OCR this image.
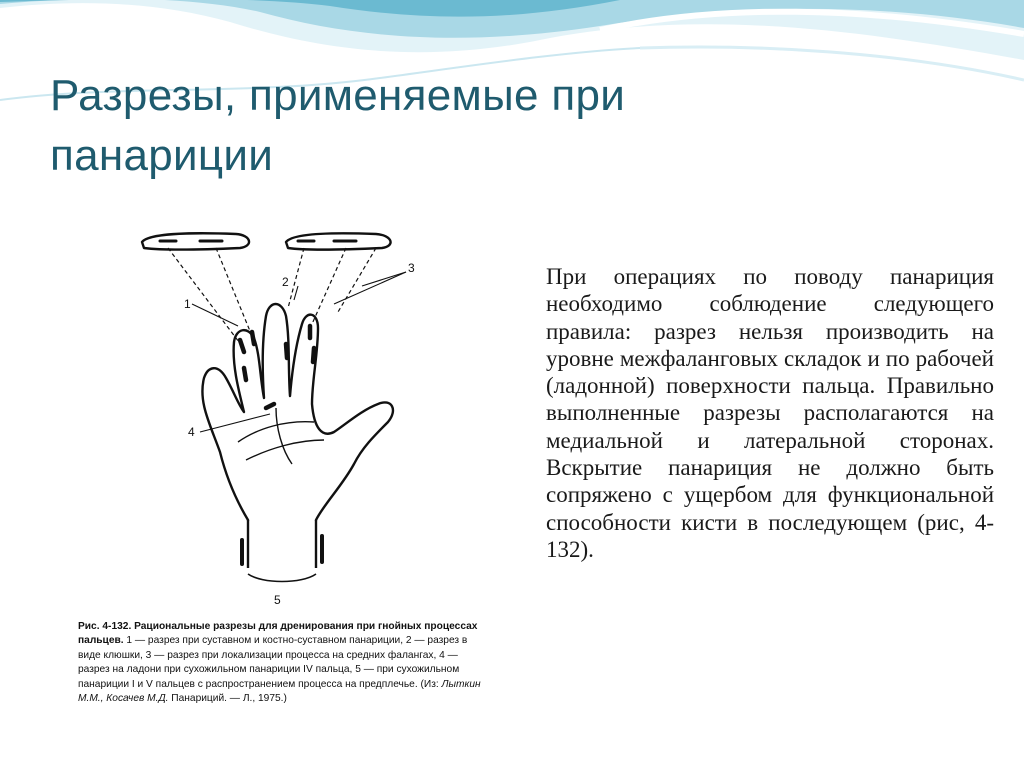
Разрезы, применяемые при панариции
1
2
3
4
5
Рис. 4-132. Рациональные разрезы для дренирования при гнойных процессах пальцев. 1 — разрез при суставном и костно-суставном панариции, 2 — разрез в виде клюшки, 3 — разрез при локализации процесса на средних фалангах, 4 — разрез на ладони при сухожильном панариции IV пальца, 5 — при сухожильном панариции I и V пальцев с распространением процесса на предплечье. (Из: Лыткин М.М., Косачев М.Д. Панариций. — Л., 1975.)

При операциях по поводу панариция необходимо соблюдение следующего правила: разрез нельзя производить на уровне межфаланговых складок и по рабочей (ладонной) поверхности пальца. Правильно выполненные разрезы располагаются на медиальной и латеральной сторонах. Вскрытие панариция не должно быть сопряжено с ущербом для функциональной способности кисти в последующем (рис, 4-132).
